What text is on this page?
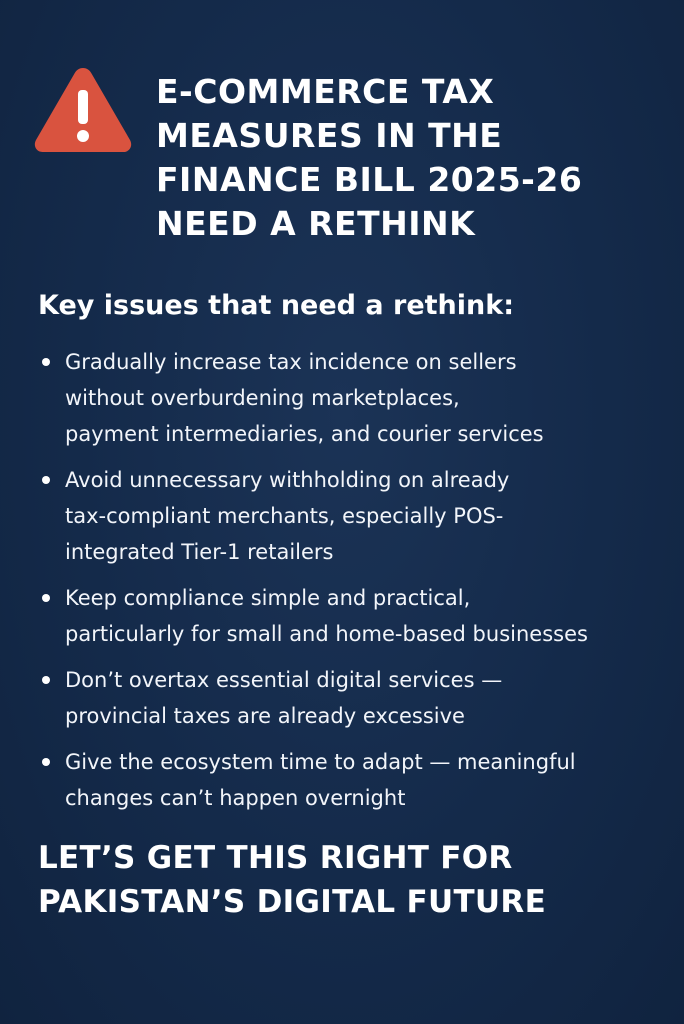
E-COMMERCE TAX
MEASURES IN THE
FINANCE BILL 2025-26
NEED A RETHINK
Key issues that need a rethink:
Gradually increase tax incidence on sellers
without overburdening marketplaces,
payment intermediaries, and courier services
Avoid unnecessary withholding on already
tax-compliant merchants, especially POS-
integrated Tier-1 retailers
Keep compliance simple and practical,
particularly for small and home-based businesses
Don’t overtax essential digital services —
provincial taxes are already excessive
Give the ecosystem time to adapt — meaningful
changes can’t happen overnight
LET’S GET THIS RIGHT FOR
PAKISTAN’S DIGITAL FUTURE
